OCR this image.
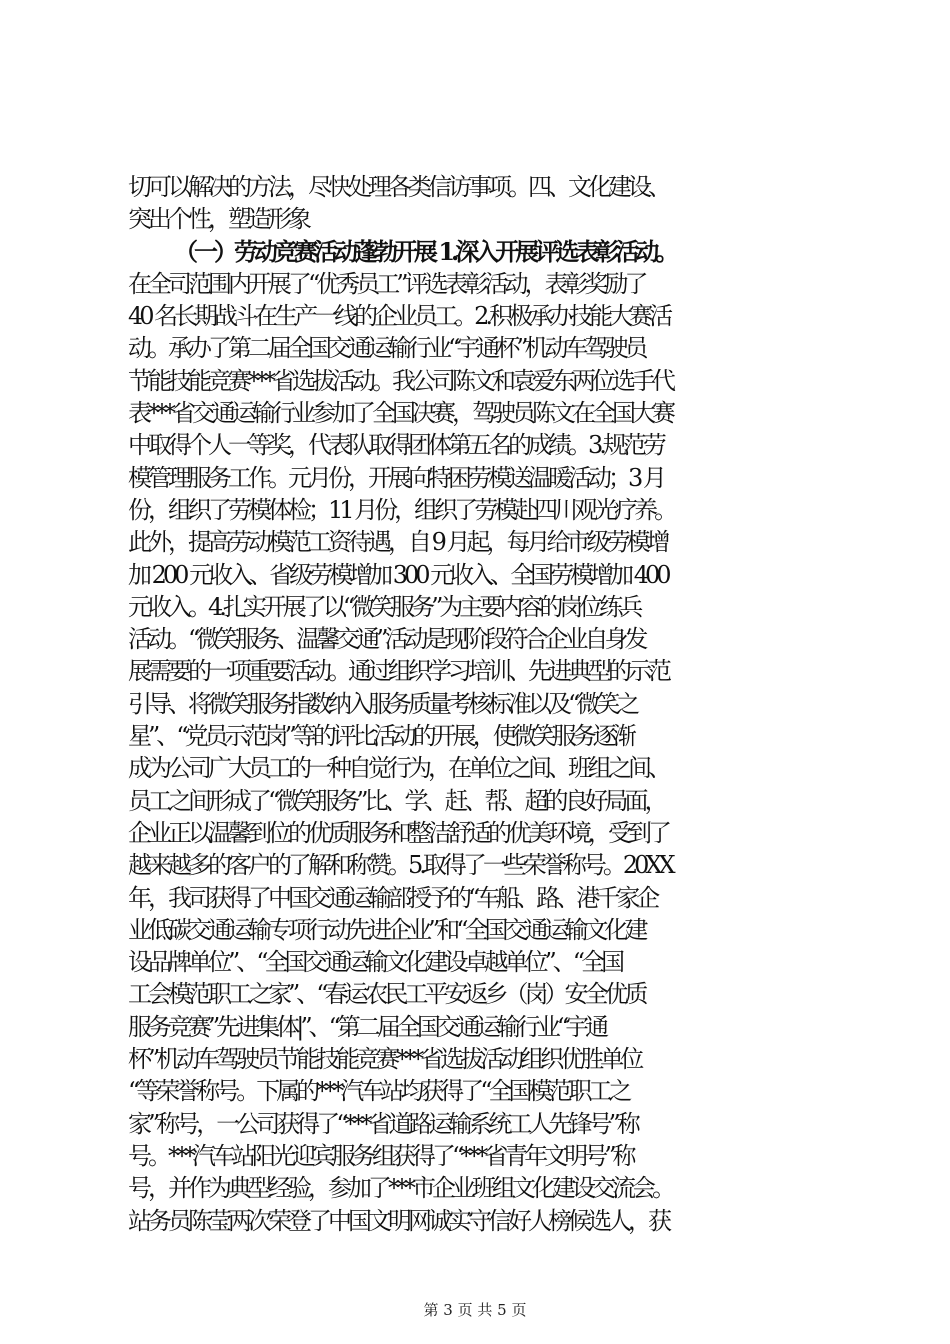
切可以解决的方法，尽快处理各类信访事项。四、文化建设、
突出个性，塑造形象
（一）劳动竞赛活动蓬勃开展 1.深入开展评选表彰活动。
在全司范围内开展了“优秀员工”评选表彰活动，表彰奖励了
40 名长期战斗在生产一线的企业员工。2.积极承办技能大赛活
动。承办了第二届全国交通运输行业“宇通杯”机动车驾驶员
节能技能竞赛***省选拔活动。我公司陈文和袁爱东两位选手代
表***省交通运输行业参加了全国决赛，驾驶员陈文在全国大赛
中取得个人一等奖，代表队取得团体第五名的成绩。3.规范劳
模管理服务工作。元月份，开展向特困劳模送温暖活动；3 月
份，组织了劳模体检；11 月份，组织了劳模赴四川观光疗养。
此外，提高劳动模范工资待遇，自 9 月起，每月给市级劳模增
加 200 元收入、省级劳模增加 300 元收入、全国劳模增加 400
元收入。4.扎实开展了以“微笑服务”为主要内容的岗位练兵
活动。“微笑服务、温馨交通”活动是现阶段符合企业自身发
展需要的一项重要活动。通过组织学习培训、先进典型的示范
引导、将微笑服务指数纳入服务质量考核标准以及“微笑之
星”、“党员示范岗”等的评比活动的开展，使微笑服务逐渐
成为公司广大员工的一种自觉行为，在单位之间、班组之间、
员工之间形成了“微笑服务”比、学、赶、帮、超的良好局面，
企业正以温馨到位的优质服务和整洁舒适的优美环境，受到了
越来越多的客户的了解和称赞。5.取得了一些荣誉称号。20XX
年，我司获得了中国交通运输部授予的“车船、路、港千家企
业低碳交通运输专项行动先进企业”和“全国交通运输文化建
设品牌单位”、“全国交通运输文化建设卓越单位”、“全国
工会模范职工之家”、“春运农民工平安返乡（岗）安全优质
服务竞赛”先进集体|”、“第二届全国交通运输行业“宇通
杯”机动车驾驶员节能技能竞赛***省选拔活动组织优胜单位
“等荣誉称号。下属的***汽车站均获得了“全国模范职工之
家”称号，一公司获得了“***省道路运输系统工人先锋号”称
号。***汽车站阳光迎宾服务组获得了“***省青年文明号”称
号，并作为典型经验，参加了***市企业班组文化建设交流会。
站务员陈莹两次荣登了中国文明网诚实守信好人榜候选人，获
第 3 页 共 5 页
